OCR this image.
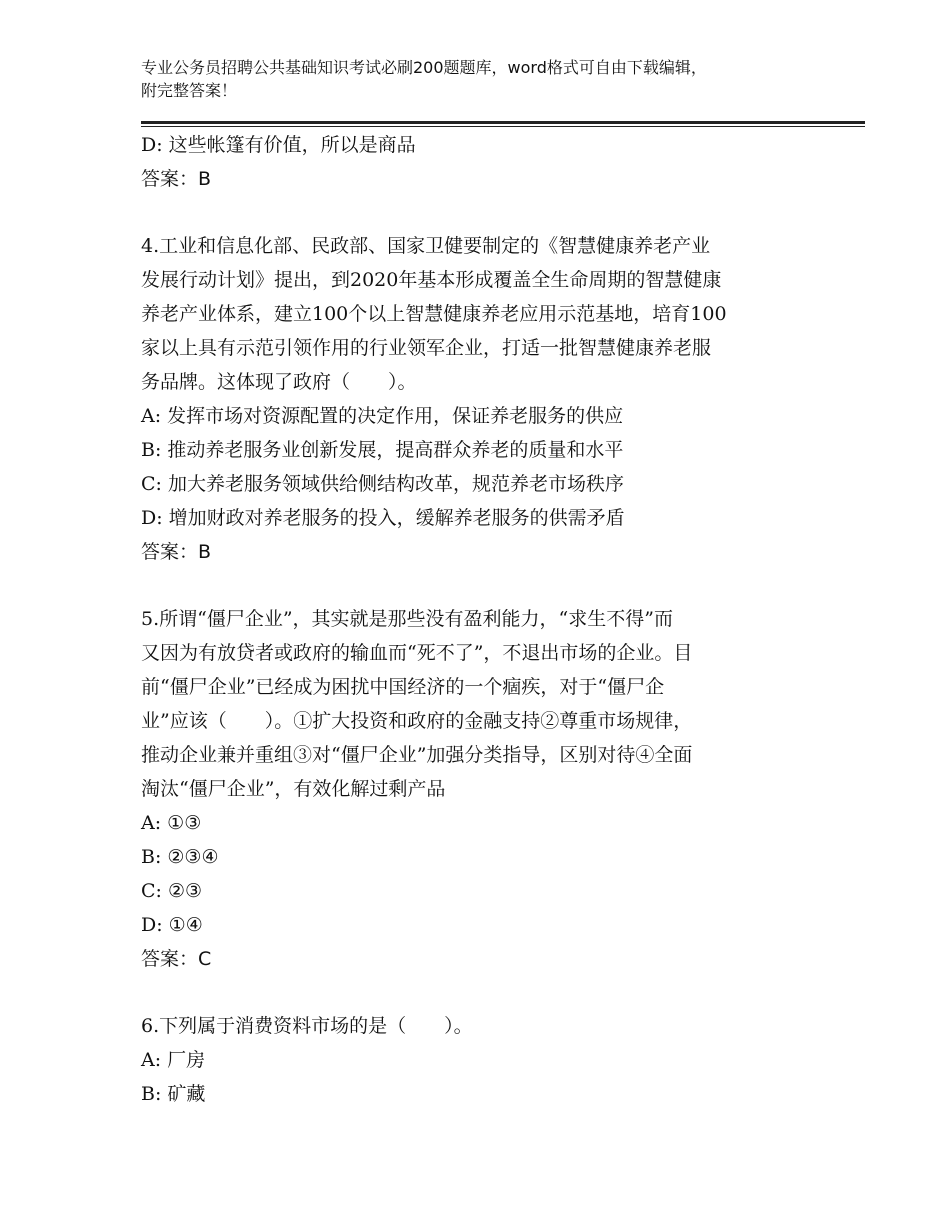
专业公务员招聘公共基础知识考试必刷200题题库，word格式可自由下载编辑，
附完整答案！
D: 这些帐篷有价值，所以是商品
答案：B
4.工业和信息化部、民政部、国家卫健要制定的《智慧健康养老产业
发展行动计划》提出，到2020年基本形成覆盖全生命周期的智慧健康
养老产业体系，建立100个以上智慧健康养老应用示范基地，培育100
家以上具有示范引领作用的行业领军企业，打适一批智慧健康养老服
务品牌。这体现了政府（　　）。
A: 发挥市场对资源配置的决定作用，保证养老服务的供应
B: 推动养老服务业创新发展，提高群众养老的质量和水平
C: 加大养老服务领域供给侧结构改革，规范养老市场秩序
D: 增加财政对养老服务的投入，缓解养老服务的供需矛盾
答案：B
5.所谓“僵尸企业”，其实就是那些没有盈利能力，“求生不得”而
又因为有放贷者或政府的输血而“死不了”，不退出市场的企业。目
前“僵尸企业”已经成为困扰中国经济的一个痼疾，对于“僵尸企
业”应该（　　）。①扩大投资和政府的金融支持②尊重市场规律，
推动企业兼并重组③对“僵尸企业”加强分类指导，区别对待④全面
淘汰“僵尸企业”，有效化解过剩产品
A: ①③
B: ②③④
C: ②③
D: ①④
答案：C
6.下列属于消费资料市场的是（　　）。
A: 厂房
B: 矿藏
